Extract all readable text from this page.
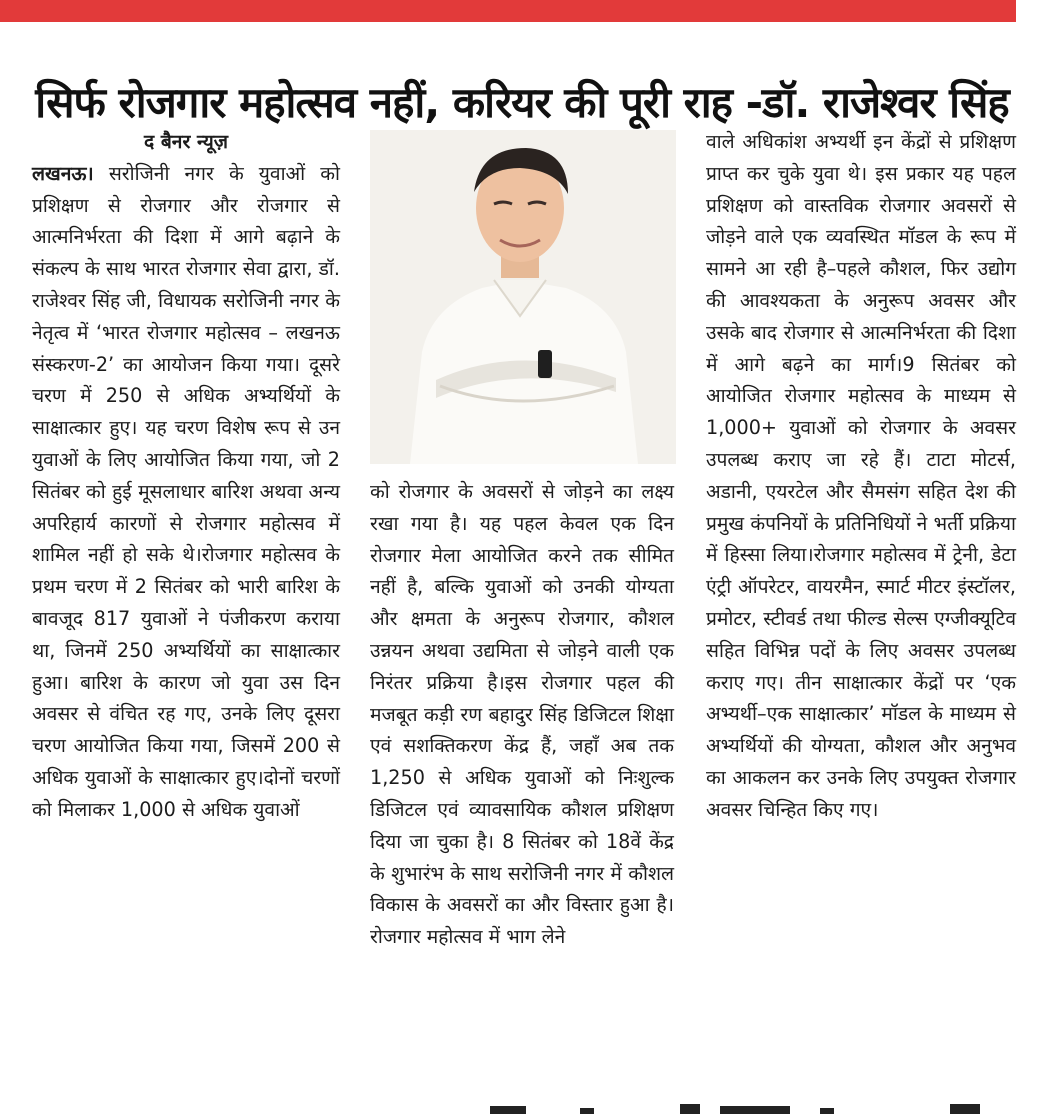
सिर्फ रोजगार महोत्सव नहीं, करियर की पूरी राह -डॉ. राजेश्वर सिंह

द बैनर न्यूज़

लखनऊ। सरोजिनी नगर के युवाओं को प्रशिक्षण से रोजगार और रोजगार से आत्मनिर्भरता की दिशा में आगे बढ़ाने के संकल्प के साथ भारत रोजगार सेवा द्वारा, डॉ. राजेश्वर सिंह जी, विधायक सरोजिनी नगर के नेतृत्व में ‘भारत रोजगार महोत्सव – लखनऊ संस्करण-2’ का आयोजन किया गया। दूसरे चरण में 250 से अधिक अभ्यर्थियों के साक्षात्कार हुए। यह चरण विशेष रूप से उन युवाओं के लिए आयोजित किया गया, जो 2 सितंबर को हुई मूसलाधार बारिश अथवा अन्य अपरिहार्य कारणों से रोजगार महोत्सव में शामिल नहीं हो सके थे।रोजगार महोत्सव के प्रथम चरण में 2 सितंबर को भारी बारिश के बावजूद 817 युवाओं ने पंजीकरण कराया था, जिनमें 250 अभ्यर्थियों का साक्षात्कार हुआ। बारिश के कारण जो युवा उस दिन अवसर से वंचित रह गए, उनके लिए दूसरा चरण आयोजित किया गया, जिसमें 200 से अधिक युवाओं के साक्षात्कार हुए।दोनों चरणों को मिलाकर 1,000 से अधिक युवाओं

को रोजगार के अवसरों से जोड़ने का लक्ष्य रखा गया है। यह पहल केवल एक दिन रोजगार मेला आयोजित करने तक सीमित नहीं है, बल्कि युवाओं को उनकी योग्यता और क्षमता के अनुरूप रोजगार, कौशल उन्नयन अथवा उद्यमिता से जोड़ने वाली एक निरंतर प्रक्रिया है।इस रोजगार पहल की मजबूत कड़ी रण बहादुर सिंह डिजिटल शिक्षा एवं सशक्तिकरण केंद्र हैं, जहाँ अब तक 1,250 से अधिक युवाओं को निःशुल्क डिजिटल एवं व्यावसायिक कौशल प्रशिक्षण दिया जा चुका है। 8 सितंबर को 18वें केंद्र के शुभारंभ के साथ सरोजिनी नगर में कौशल विकास के अवसरों का और विस्तार हुआ है।रोजगार महोत्सव में भाग लेने

वाले अधिकांश अभ्यर्थी इन केंद्रों से प्रशिक्षण प्राप्त कर चुके युवा थे। इस प्रकार यह पहल प्रशिक्षण को वास्तविक रोजगार अवसरों से जोड़ने वाले एक व्यवस्थित मॉडल के रूप में सामने आ रही है–पहले कौशल, फिर उद्योग की आवश्यकता के अनुरूप अवसर और उसके बाद रोजगार से आत्मनिर्भरता की दिशा में आगे बढ़ने का मार्ग।9 सितंबर को आयोजित रोजगार महोत्सव के माध्यम से 1,000+ युवाओं को रोजगार के अवसर उपलब्ध कराए जा रहे हैं। टाटा मोटर्स, अडानी, एयरटेल और सैमसंग सहित देश की प्रमुख कंपनियों के प्रतिनिधियों ने भर्ती प्रक्रिया में हिस्सा लिया।रोजगार महोत्सव में ट्रेनी, डेटा एंट्री ऑपरेटर, वायरमैन, स्मार्ट मीटर इंस्टॉलर, प्रमोटर, स्टीवर्ड तथा फील्ड सेल्स एग्जीक्यूटिव सहित विभिन्न पदों के लिए अवसर उपलब्ध कराए गए। तीन साक्षात्कार केंद्रों पर ‘एक अभ्यर्थी–एक साक्षात्कार’ मॉडल के माध्यम से अभ्यर्थियों की योग्यता, कौशल और अनुभव का आकलन कर उनके लिए उपयुक्त रोजगार अवसर चिन्हित किए गए।
